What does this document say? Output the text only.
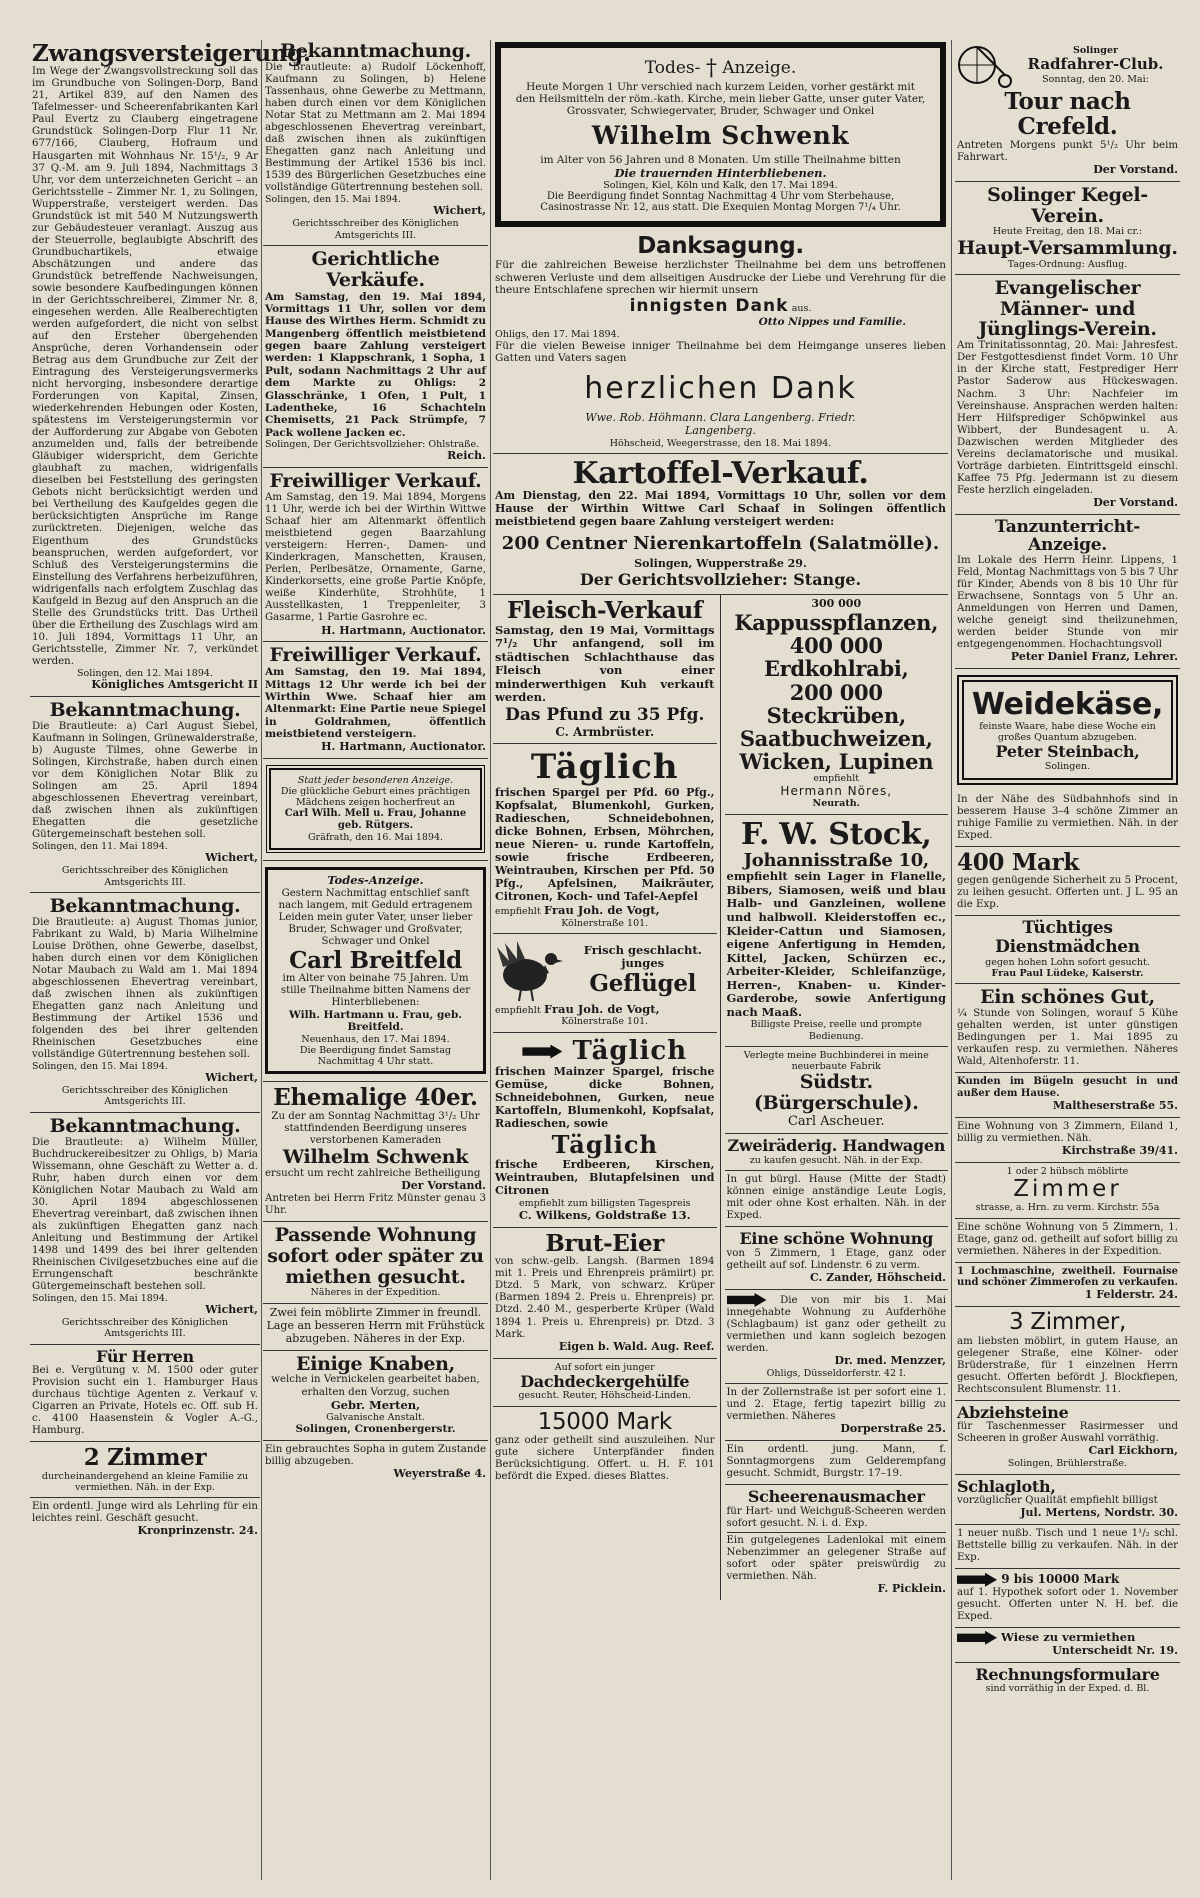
Zwangsversteigerung.
Im Wege der Zwangsvollstreckung soll das im Grundbuche von Solingen-Dorp, Band 21, Artikel 839, auf den Namen des Tafelmesser- und Scheerenfabrikanten Karl Paul Evertz zu Clauberg eingetragene Grundstück Solingen-Dorp Flur 11 Nr. 677/166, Clauberg, Hofraum und Hausgarten mit Wohnhaus Nr. 15¹/₂, 9 Ar 37 Q.-M. am 9. Juli 1894, Nachmittags 3 Uhr, vor dem unterzeichneten Gericht – an Gerichtsstelle – Zimmer Nr. 1, zu Solingen, Wupperstraße, versteigert werden. Das Grundstück ist mit 540 M Nutzungswerth zur Gebäudesteuer veranlagt. Auszug aus der Steuerrolle, beglaubigte Abschrift des Grundbuchartikels, etwaige Abschätzungen und andere das Grundstück betreffende Nachweisungen, sowie besondere Kaufbedingungen können in der Gerichtsschreiberei, Zimmer Nr. 8, eingesehen werden. Alle Realberechtigten werden aufgefordert, die nicht von selbst auf den Ersteher übergehenden Ansprüche, deren Vorhandensein oder Betrag aus dem Grundbuche zur Zeit der Eintragung des Versteigerungsvermerks nicht hervorging, insbesondere derartige Forderungen von Kapital, Zinsen, wiederkehrenden Hebungen oder Kosten, spätestens im Versteigerungstermin vor der Aufforderung zur Abgabe von Geboten anzumelden und, falls der betreibende Gläubiger widerspricht, dem Gerichte glaubhaft zu machen, widrigenfalls dieselben bei Feststellung des geringsten Gebots nicht berücksichtigt werden und bei Vertheilung des Kaufgeldes gegen die berücksichtigten Ansprüche im Range zurücktreten. Diejenigen, welche das Eigenthum des Grundstücks beanspruchen, werden aufgefordert, vor Schluß des Versteigerungstermins die Einstellung des Verfahrens herbeizuführen, widrigenfalls nach erfolgtem Zuschlag das Kaufgeld in Bezug auf den Anspruch an die Stelle des Grundstücks tritt. Das Urtheil über die Ertheilung des Zuschlags wird am 10. Juli 1894, Vormittags 11 Uhr, an Gerichtsstelle, Zimmer Nr. 7, verkündet werden.
Solingen, den 12. Mai 1894.
Königliches Amtsgericht II
Bekanntmachung.
Die Brautleute: a) Carl August Siebel, Kaufmann in Solingen, Grünewalderstraße, b) Auguste Tilmes, ohne Gewerbe in Solingen, Kirchstraße, haben durch einen vor dem Königlichen Notar Blik zu Solingen am 25. April 1894 abgeschlossenen Ehevertrag vereinbart, daß zwischen ihnen als zukünftigen Ehegatten die gesetzliche Gütergemeinschaft bestehen soll.
Solingen, den 11. Mai 1894.
Wichert,
Gerichtsschreiber des Königlichen Amtsgerichts III.
Bekanntmachung.
Die Brautleute: a) August Thomas junior, Fabrikant zu Wald, b) Maria Wilhelmine Louise Dröthen, ohne Gewerbe, daselbst, haben durch einen vor dem Königlichen Notar Maubach zu Wald am 1. Mai 1894 abgeschlossenen Ehevertrag vereinbart, daß zwischen ihnen als zukünftigen Ehegatten ganz nach Anleitung und Bestimmung der Artikel 1536 und folgenden des bei ihrer geltenden Rheinischen Gesetzbuches eine vollständige Gütertrennung bestehen soll.
Solingen, den 15. Mai 1894.
Wichert,
Gerichtsschreiber des Königlichen Amtsgerichts III.
Bekanntmachung.
Die Brautleute: a) Wilhelm Müller, Buchdruckereibesitzer zu Ohligs, b) Maria Wissemann, ohne Geschäft zu Wetter a. d. Ruhr, haben durch einen vor dem Königlichen Notar Maubach zu Wald am 30. April 1894 abgeschlossenen Ehevertrag vereinbart, daß zwischen ihnen als zukünftigen Ehegatten ganz nach Anleitung und Bestimmung der Artikel 1498 und 1499 des bei ihrer geltenden Rheinischen Civilgesetzbuches eine auf die Errungenschaft beschränkte Gütergemeinschaft bestehen soll.
Solingen, den 15. Mai 1894.
Wichert,
Gerichtsschreiber des Königlichen Amtsgerichts III.
Für Herren
Bei e. Vergütung v. M. 1500 oder guter Provision sucht ein 1. Hamburger Haus durchaus tüchtige Agenten z. Verkauf v. Cigarren an Private, Hotels ec. Off. sub H. c. 4100 Haasenstein & Vogler A.-G., Hamburg.
2 Zimmer
durcheinandergehend an kleine Familie zu vermiethen. Näh. in der Exp.
Ein ordentl. Junge wird als Lehrling für ein leichtes reinl. Geschäft gesucht.
Kronprinzenstr. 24.
Bekanntmachung.
Die Brautleute: a) Rudolf Löckenhoff, Kaufmann zu Solingen, b) Helene Tassenhaus, ohne Gewerbe zu Mettmann, haben durch einen vor dem Königlichen Notar Stat zu Mettmann am 2. Mai 1894 abgeschlossenen Ehevertrag vereinbart, daß zwischen ihnen als zukünftigen Ehegatten ganz nach Anleitung und Bestimmung der Artikel 1536 bis incl. 1539 des Bürgerlichen Gesetzbuches eine vollständige Gütertrennung bestehen soll.
Solingen, den 15. Mai 1894.
Wichert,
Gerichtsschreiber des Königlichen Amtsgerichts III.
Gerichtliche Verkäufe.
Am Samstag, den 19. Mai 1894, Vormittags 11 Uhr, sollen vor dem Hause des Wirthes Herm. Schmidt zu Mangenberg öffentlich meistbietend gegen baare Zahlung versteigert werden: 1 Klappschrank, 1 Sopha, 1 Pult, sodann Nachmittags 2 Uhr auf dem Markte zu Ohligs: 2 Glasschränke, 1 Ofen, 1 Pult, 1 Ladentheke, 16 Schachteln Chemisetts, 21 Pack Strümpfe, 7 Pack wollene Jacken ec.
Solingen, Der Gerichtsvollzieher: Ohlstraße.
Reich.
Freiwilliger Verkauf.
Am Samstag, den 19. Mai 1894, Morgens 11 Uhr, werde ich bei der Wirthin Wittwe Schaaf hier am Altenmarkt öffentlich meistbietend gegen Baarzahlung versteigern: Herren-, Damen- und Kinderkragen, Manschetten, Krausen, Perlen, Perlbesätze, Ornamente, Garne, Kinderkorsetts, eine große Partie Knöpfe, weiße Kinderhüte, Strohhüte, 1 Ausstellkasten, 1 Treppenleiter, 3 Gasarme, 1 Partie Gasrohre ec.
H. Hartmann, Auctionator.
Freiwilliger Verkauf.
Am Samstag, den 19. Mai 1894, Mittags 12 Uhr werde ich bei der Wirthin Wwe. Schaaf hier am Altenmarkt: Eine Partie neue Spiegel in Goldrahmen, öffentlich meistbietend versteigern.
H. Hartmann, Auctionator.
Statt jeder besonderen Anzeige.
Die glückliche Geburt eines prächtigen Mädchens zeigen hocherfreut an
Carl Wilh. Mell u. Frau, Johanne geb. Rütgers.
Gräfrath, den 16. Mai 1894.
Todes-Anzeige.
Gestern Nachmittag entschlief sanft nach langem, mit Geduld ertragenem Leiden mein guter Vater, unser lieber Bruder, Schwager und Großvater, Schwager und Onkel
Carl Breitfeld
im Alter von beinahe 75 Jahren. Um stille Theilnahme bitten Namens der Hinterbliebenen:
Wilh. Hartmann u. Frau, geb. Breitfeld.
Neuenhaus, den 17. Mai 1894.
Die Beerdigung findet Samstag Nachmittag 4 Uhr statt.
Ehemalige 40er.
Zu der am Sonntag Nachmittag 3¹/₂ Uhr stattfindenden Beerdigung unseres verstorbenen Kameraden
Wilhelm Schwenk
ersucht um recht zahlreiche Betheiligung
Der Vorstand.
Antreten bei Herrn Fritz Münster genau 3 Uhr.
Passende Wohnung sofort oder später zu miethen gesucht.
Näheres in der Expedition.
Zwei fein möblirte Zimmer in freundl. Lage an besseren Herrn mit Frühstück abzugeben. Näheres in der Exp.
Einige Knaben,
welche in Vernickelen gearbeitet haben, erhalten den Vorzug, suchen
Gebr. Merten,
Galvanische Anstalt.
Solingen, Cronenbergerstr.
Ein gebrauchtes Sopha in gutem Zustande billig abzugeben.
Weyerstraße 4.
Todes- † Anzeige.
Heute Morgen 1 Uhr verschied nach kurzem Leiden, vorher gestärkt mit den Heilsmitteln der röm.-kath. Kirche, mein lieber Gatte, unser guter Vater, Grossvater, Schwiegervater, Bruder, Schwager und Onkel
Wilhelm Schwenk
im Alter von 56 Jahren und 8 Monaten. Um stille Theilnahme bitten
Die trauernden Hinterbliebenen.
Solingen, Kiel, Köln und Kalk, den 17. Mai 1894.
Die Beerdigung findet Sonntag Nachmittag 4 Uhr vom Sterbehause, Casinostrasse Nr. 12, aus statt. Die Exequien Montag Morgen 7¹/₄ Uhr.
Danksagung.
Für die zahlreichen Beweise herzlichster Theilnahme bei dem uns betroffenen schweren Verluste und dem allseitigen Ausdrucke der Liebe und Verehrung für die theure Entschlafene sprechen wir hiermit unsern
innigsten Dank aus.
Otto Nippes und Familie.
Ohligs, den 17. Mai 1894.
Für die vielen Beweise inniger Theilnahme bei dem Heimgange unseres lieben Gatten und Vaters sagen
herzlichen Dank
Wwe. Rob. Höhmann. Clara Langenberg. Friedr. Langenberg.
Höhscheid, Weegerstrasse, den 18. Mai 1894.
Kartoffel-Verkauf.
Am Dienstag, den 22. Mai 1894, Vormittags 10 Uhr, sollen vor dem Hause der Wirthin Wittwe Carl Schaaf in Solingen öffentlich meistbietend gegen baare Zahlung versteigert werden:
200 Centner Nierenkartoffeln (Salatmölle).
Solingen, Wupperstraße 29.
Der Gerichtsvollzieher: Stange.
Fleisch-Verkauf
Samstag, den 19 Mai, Vormittags 7¹/₂ Uhr anfangend, soll im städtischen Schlachthause das Fleisch von einer minderwerthigen Kuh verkauft werden.
Das Pfund zu 35 Pfg.
C. Armbrüster.
Täglich
frischen Spargel per Pfd. 60 Pfg., Kopfsalat, Blumenkohl, Gurken, Radieschen, Schneidebohnen, dicke Bohnen, Erbsen, Möhrchen, neue Nieren- u. runde Kartoffeln, sowie frische Erdbeeren, Weintrauben, Kirschen per Pfd. 50 Pfg., Apfelsinen, Maikräuter, Citronen, Koch- und Tafel-Aepfel
empfiehlt Frau Joh. de Vogt,
Kölnerstraße 101.
Frisch geschlacht. junges
Geflügel
empfiehlt Frau Joh. de Vogt,
Kölnerstraße 101.
Täglich
frischen Mainzer Spargel, frische Gemüse, dicke Bohnen, Schneidebohnen, Gurken, neue Kartoffeln, Blumenkohl, Kopfsalat, Radieschen, sowie
Täglich
frische Erdbeeren, Kirschen, Weintrauben, Blutapfelsinen und Citronen
empfiehlt zum billigsten Tagespreis
C. Wilkens, Goldstraße 13.
Brut-Eier
von schw.-gelb. Langsh. (Barmen 1894 mit 1. Preis und Ehrenpreis prämiirt) pr. Dtzd. 5 Mark, von schwarz. Krüper (Barmen 1894 2. Preis u. Ehrenpreis) pr. Dtzd. 2.40 M., gesperberte Krüper (Wald 1894 1. Preis u. Ehrenpreis) pr. Dtzd. 3 Mark.
Eigen b. Wald. Aug. Reef.
Auf sofort ein junger
Dachdeckergehülfe
gesucht. Reuter, Höhscheid-Linden.
15000 Mark
ganz oder getheilt sind auszuleihen. Nur gute sichere Unterpfänder finden Berücksichtigung. Offert. u. H. F. 101 befördt die Exped. dieses Blattes.
300 000
Kappusspflanzen,
400 000 Erdkohlrabi,
200 000 Steckrüben,
Saatbuchweizen,
Wicken, Lupinen
empfiehlt
Hermann Nöres,
Neurath.
F. W. Stock,
Johannisstraße 10,
empfiehlt sein Lager in Flanelle, Bibers, Siamosen, weiß und blau Halb- und Ganzleinen, wollene und halbwoll. Kleiderstoffen ec., Kleider-Cattun und Siamosen, eigene Anfertigung in Hemden, Kittel, Jacken, Schürzen ec., Arbeiter-Kleider, Schleifanzüge, Herren-, Knaben- u. Kinder-Garderobe, sowie Anfertigung nach Maaß.
Billigste Preise, reelle und prompte Bedienung.
Verlegte meine Buchbinderei in meine neuerbaute Fabrik
Südstr. (Bürgerschule).
Carl Ascheuer.
Zweiräderig. Handwagen
zu kaufen gesucht. Näh. in der Exp.
In gut bürgl. Hause (Mitte der Stadt) können einige anständige Leute Logis, mit oder ohne Kost erhalten. Näh. in der Exped.
Eine schöne Wohnung
von 5 Zimmern, 1 Etage, ganz oder getheilt auf sof. Lindenstr. 6 zu verm.
C. Zander, Höhscheid.
Die von mir bis 1. Mai innegehabte Wohnung zu Aufderhöhe (Schlagbaum) ist ganz oder getheilt zu vermiethen und kann sogleich bezogen werden.
Dr. med. Menzzer,
Ohligs, Düsseldorferstr. 42 I.
In der Zollernstraße ist per sofort eine 1. und 2. Etage, fertig tapezirt billig zu vermiethen. Näheres
Dorperstraße 25.
Ein ordentl. jung. Mann, f. Sonntagmorgens zum Gelderempfang gesucht. Schmidt, Burgstr. 17–19.
Scheerenausmacher
für Hart- und Weichguß-Scheeren werden sofort gesucht. N. i. d. Exp.
Ein gutgelegenes Ladenlokal mit einem Nebenzimmer an gelegener Straße auf sofort oder später preiswürdig zu vermiethen. Näh.
F. Picklein.
Solinger
Radfahrer-Club.
Sonntag, den 20. Mai:
Tour nach Crefeld.
Antreten Morgens punkt 5¹/₂ Uhr beim Fahrwart.
Der Vorstand.
Solinger Kegel-Verein.
Heute Freitag, den 18. Mai cr.:
Haupt-Versammlung.
Tages-Ordnung: Ausflug.
Evangelischer Männer- und Jünglings-Verein.
Am Trinitatissonntag, 20. Mai: Jahresfest. Der Festgottesdienst findet Vorm. 10 Uhr in der Kirche statt, Festprediger Herr Pastor Saderow aus Hückeswagen. Nachm. 3 Uhr: Nachfeier im Vereinshause. Ansprachen werden halten: Herr Hilfsprediger Schöpwinkel aus Wibbert, der Bundesagent u. A. Dazwischen werden Mitglieder des Vereins declamatorische und musikal. Vorträge darbieten. Eintrittsgeld einschl. Kaffee 75 Pfg. Jedermann ist zu diesem Feste herzlich eingeladen.
Der Vorstand.
Tanzunterricht-Anzeige.
Im Lokale des Herrn Heinr. Lippens, 1 Feld, Montag Nachmittags von 5 bis 7 Uhr für Kinder, Abends von 8 bis 10 Uhr für Erwachsene, Sonntags von 5 Uhr an. Anmeldungen von Herren und Damen, welche geneigt sind theilzunehmen, werden beider Stunde von mir entgegengenommen. Hochachtungsvoll
Peter Daniel Franz, Lehrer.
Weidekäse,
feinste Waare, habe diese Woche ein großes Quantum abzugeben.
Peter Steinbach,
Solingen.
In der Nähe des Südbahnhofs sind in besserem Hause 3–4 schöne Zimmer an ruhige Familie zu vermiethen. Näh. in der Exped.
400 Mark
gegen genügende Sicherheit zu 5 Procent, zu leihen gesucht. Offerten unt. J L. 95 an die Exp.
Tüchtiges Dienstmädchen
gegen hohen Lohn sofort gesucht.
Frau Paul Lüdeke, Kaiserstr.
Ein schönes Gut,
¼ Stunde von Solingen, worauf 5 Kühe gehalten werden, ist unter günstigen Bedingungen per 1. Mai 1895 zu verkaufen resp. zu vermiethen. Näheres Wald, Altenhoferstr. 11.
Kunden im Bügeln gesucht in und außer dem Hause.
Maltheserstraße 55.
Eine Wohnung von 3 Zimmern, Eiland 1, billig zu vermiethen. Näh.
Kirchstraße 39/41.
1 oder 2 hübsch möblirte
Zimmer
strasse, a. Hrn. zu verm. Kirchstr. 55a
Eine schöne Wohnung von 5 Zimmern, 1. Etage, ganz od. getheilt auf sofort billig zu vermiethen. Näheres in der Expedition.
1 Lochmaschine, zweitheil. Fournaise und schöner Zimmerofen zu verkaufen.
1 Felderstr. 24.
3 Zimmer,
am liebsten möblirt, in gutem Hause, an gelegener Straße, eine Kölner- oder Brüderstraße, für 1 einzelnen Herrn gesucht. Offerten befördt J. Blockfiepen, Rechtsconsulent Blumenstr. 11.
Abziehsteine
für Taschenmesser Rasirmesser und Scheeren in großer Auswahl vorräthig.
Carl Eickhorn,
Solingen, Brühlerstraße.
Schlagloth,
vorzüglicher Qualität empfiehlt billigst
Jul. Mertens, Nordstr. 30.
1 neuer nußb. Tisch und 1 neue 1¹/₂ schl. Bettstelle billig zu verkaufen. Näh. in der Exp.
9 bis 10000 Mark
auf 1. Hypothek sofort oder 1. November gesucht. Offerten unter N. H. bef. die Exped.
Wiese zu vermiethen
Unterscheidt Nr. 19.
Rechnungsformulare
sind vorräthig in der Exped. d. Bl.
